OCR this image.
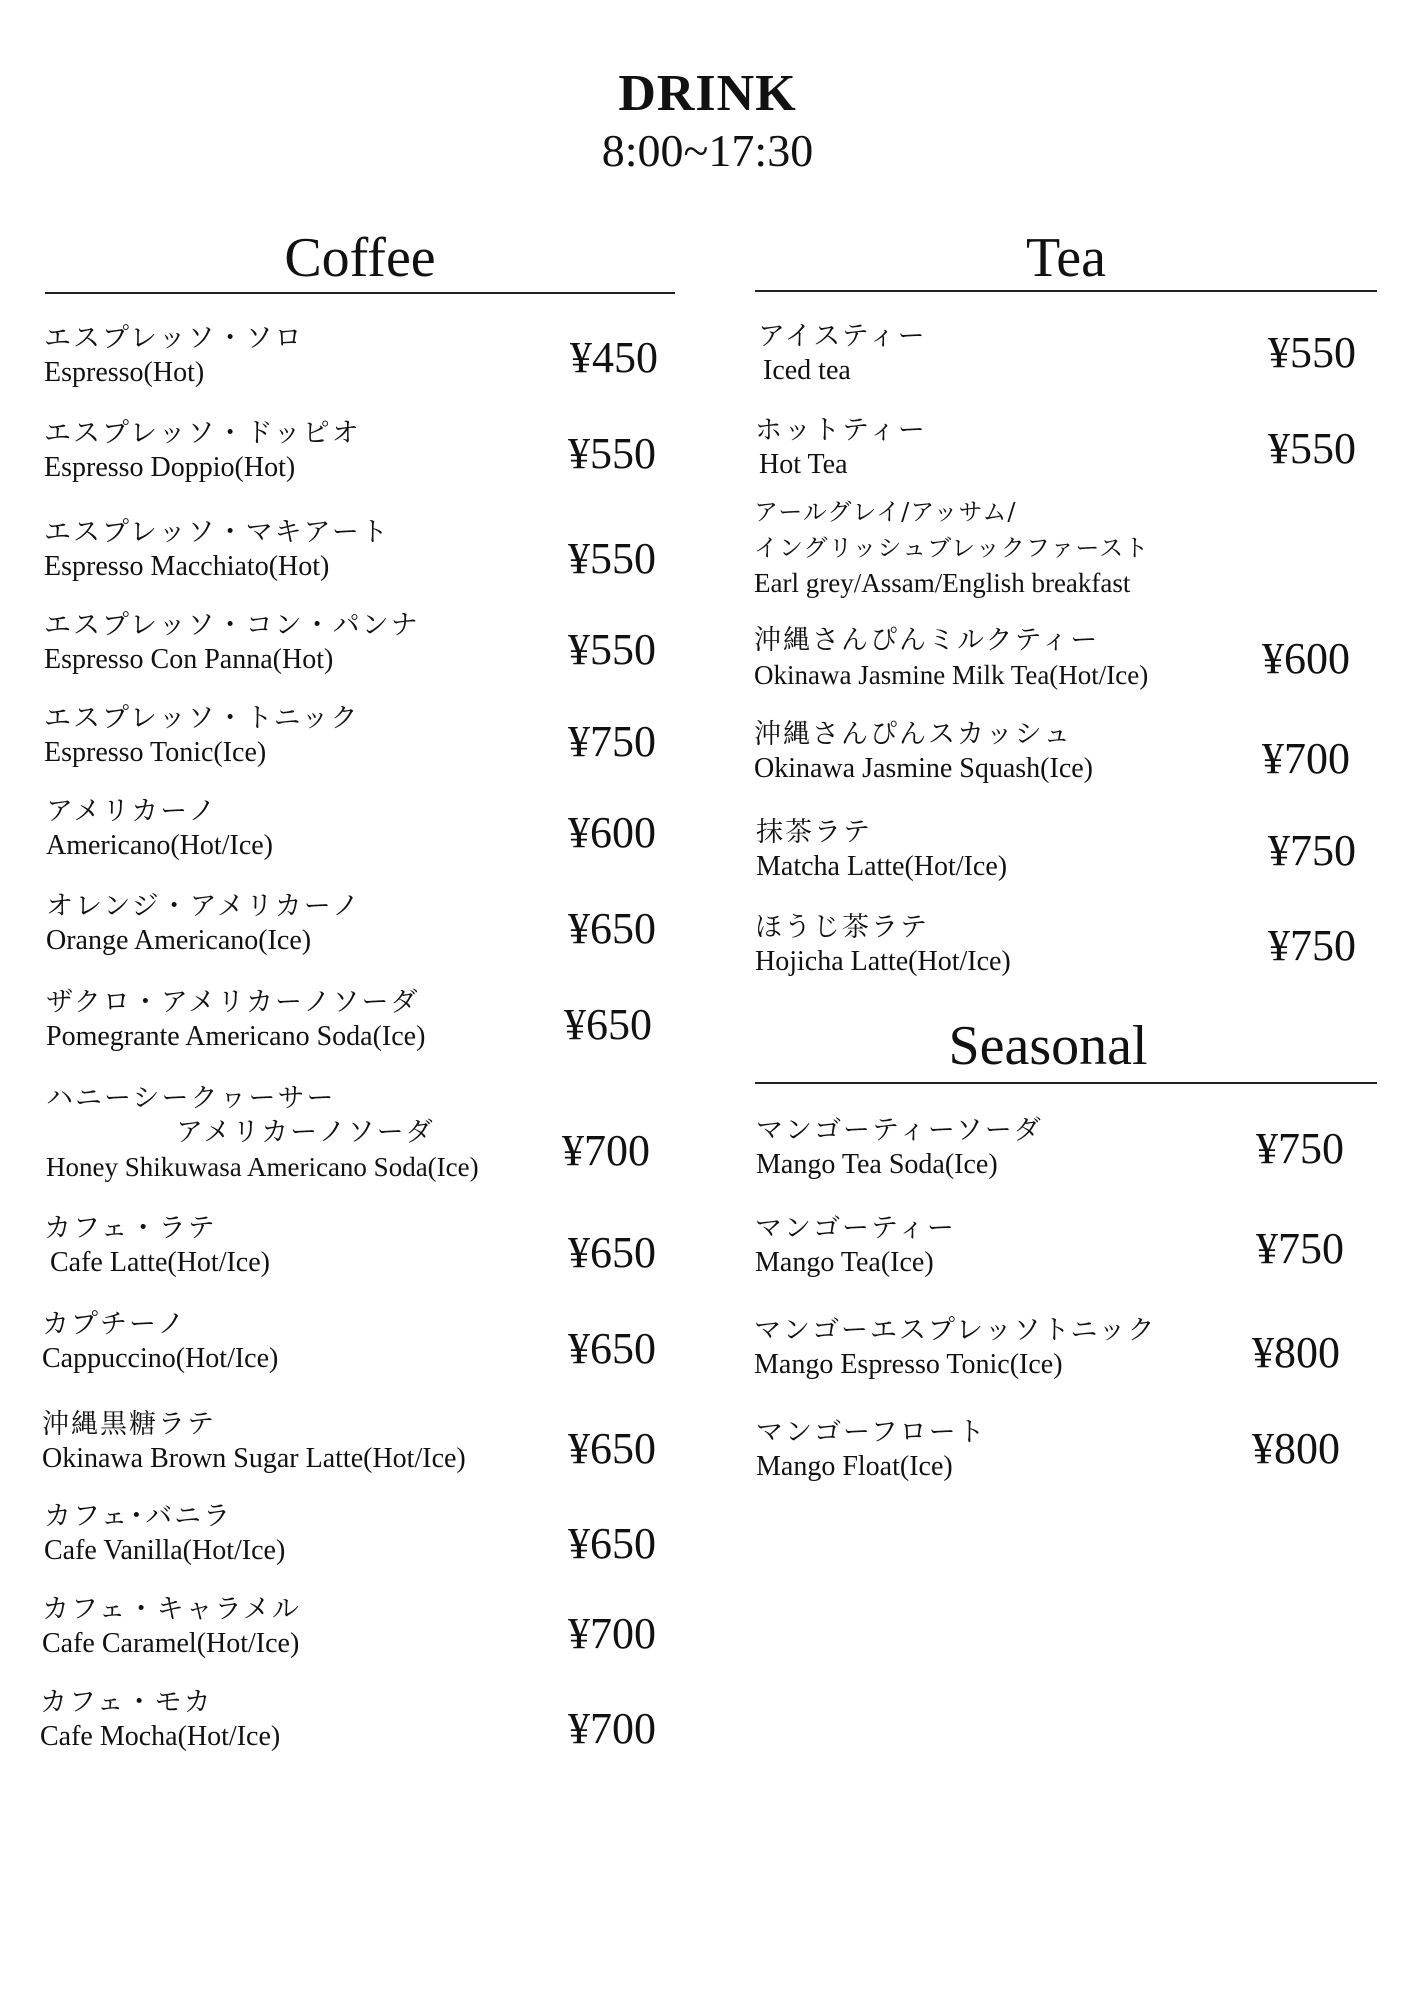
DRINK
8:00~17:30
Coffee
エスプレッソ・ソロ
Espresso(Hot)	¥450
エスプレッソ・ドッピオ
Espresso Doppio(Hot)	¥550
エスプレッソ・マキアート
Espresso Macchiato(Hot)	¥550
エスプレッソ・コン・パンナ
Espresso Con Panna(Hot)	¥550
エスプレッソ・トニック
Espresso Tonic(Ice)	¥750
アメリカーノ
Americano(Hot/Ice)	¥600
オレンジ・アメリカーノ
Orange Americano(Ice)	¥650
ザクロ・アメリカーノソーダ
Pomegrante Americano Soda(Ice)	¥650
ハニーシークヮーサー
アメリカーノソーダ
Honey Shikuwasa Americano Soda(Ice) ¥700
カフェ・ラテ
Cafe Latte(Hot/Ice)	¥650
カプチーノ
Cappuccino(Hot/Ice)	¥650
沖縄黒糖ラテ
Okinawa Brown Sugar Latte(Hot/Ice) ¥650
カフェ･バニラ
Cafe Vanilla(Hot/Ice)	¥650
カフェ・キャラメル
Cafe Caramel(Hot/Ice)	¥700
カフェ・モカ
Cafe Mocha(Hot/Ice)	¥700
Tea
アイスティー
Iced tea	¥550
ホットティー
Hot Tea	¥550
アールグレイ/アッサム/
イングリッシュブレックファースト
Earl grey/Assam/English breakfast
沖縄さんぴんミルクティー
Okinawa Jasmine Milk Tea(Hot/Ice)	¥600
沖縄さんぴんスカッシュ
Okinawa Jasmine Squash(Ice)	¥700
抹茶ラテ
Matcha Latte(Hot/Ice)	¥750
ほうじ茶ラテ
Hojicha Latte(Hot/Ice)	¥750
Seasonal
マンゴーティーソーダ
Mango Tea Soda(Ice)	¥750
マンゴーティー
Mango Tea(Ice)	¥750
マンゴーエスプレッソトニック
Mango Espresso Tonic(Ice)	¥800
マンゴーフロート
Mango Float(Ice)	¥800
